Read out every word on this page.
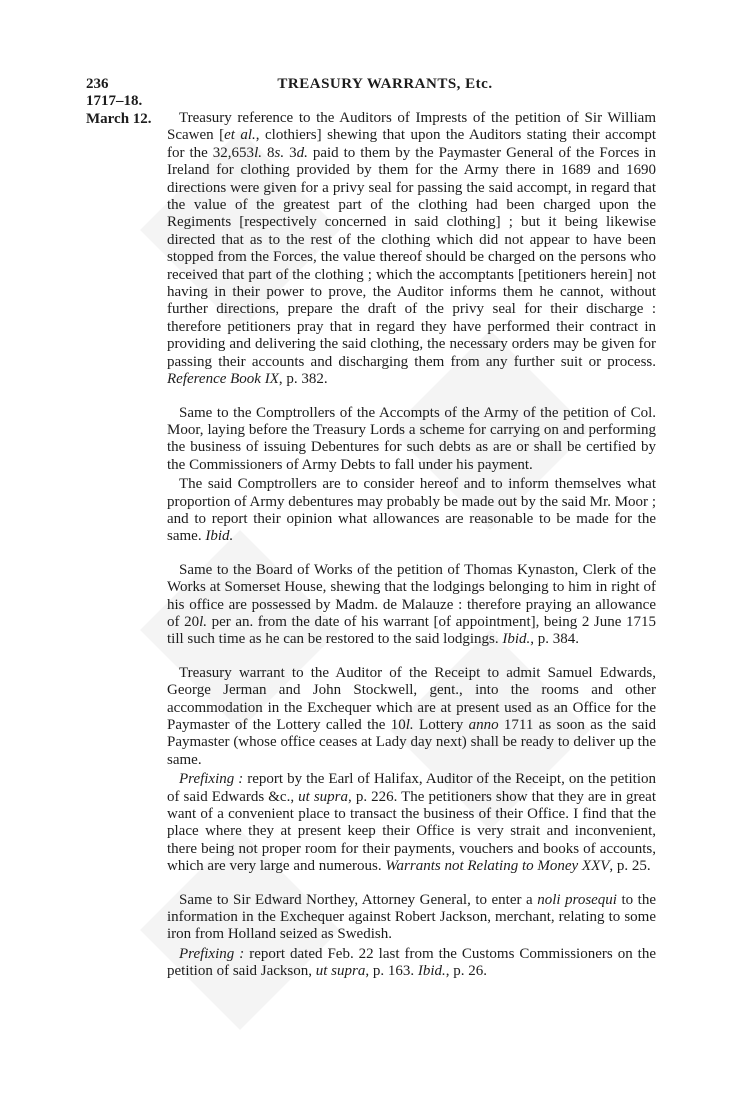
236	TREASURY WARRANTS, Etc.
1717–18.
March 12.	Treasury reference to the Auditors of Imprests of the petition of Sir William Scawen [et al., clothiers] shewing that upon the Auditors stating their accompt for the 32,653l. 8s. 3d. paid to them by the Paymaster General of the Forces in Ireland for clothing provided by them for the Army there in 1689 and 1690 directions were given for a privy seal for passing the said accompt, in regard that the value of the greatest part of the clothing had been charged upon the Regiments [respectively concerned in said clothing] ; but it being likewise directed that as to the rest of the clothing which did not appear to have been stopped from the Forces, the value thereof should be charged on the persons who received that part of the clothing ; which the accomptants [petitioners herein] not having in their power to prove, the Auditor informs them he cannot, without further directions, prepare the draft of the privy seal for their discharge : therefore petitioners pray that in regard they have performed their contract in providing and delivering the said clothing, the necessary orders may be given for passing their accounts and discharging them from any further suit or process. Reference Book IX, p. 382.

Same to the Comptrollers of the Accompts of the Army of the petition of Col. Moor, laying before the Treasury Lords a scheme for carrying on and performing the business of issuing Debentures for such debts as are or shall be certified by the Commissioners of Army Debts to fall under his payment.

The said Comptrollers are to consider hereof and to inform themselves what proportion of Army debentures may probably be made out by the said Mr. Moor ; and to report their opinion what allowances are reasonable to be made for the same. Ibid.

Same to the Board of Works of the petition of Thomas Kynaston, Clerk of the Works at Somerset House, shewing that the lodgings belonging to him in right of his office are possessed by Madm. de Malauze : therefore praying an allowance of 20l. per an. from the date of his warrant [of appointment], being 2 June 1715 till such time as he can be restored to the said lodgings. Ibid., p. 384.

Treasury warrant to the Auditor of the Receipt to admit Samuel Edwards, George Jerman and John Stockwell, gent., into the rooms and other accommodation in the Exchequer which are at present used as an Office for the Paymaster of the Lottery called the 10l. Lottery anno 1711 as soon as the said Paymaster (whose office ceases at Lady day next) shall be ready to deliver up the same.

Prefixing : report by the Earl of Halifax, Auditor of the Receipt, on the petition of said Edwards &c., ut supra, p. 226. The petitioners show that they are in great want of a convenient place to transact the business of their Office. I find that the place where they at present keep their Office is very strait and inconvenient, there being not proper room for their payments, vouchers and books of accounts, which are very large and numerous. Warrants not Relating to Money XXV, p. 25.

Same to Sir Edward Northey, Attorney General, to enter a noli prosequi to the information in the Exchequer against Robert Jackson, merchant, relating to some iron from Holland seized as Swedish.

Prefixing : report dated Feb. 22 last from the Customs Commissioners on the petition of said Jackson, ut supra, p. 163. Ibid., p. 26.
